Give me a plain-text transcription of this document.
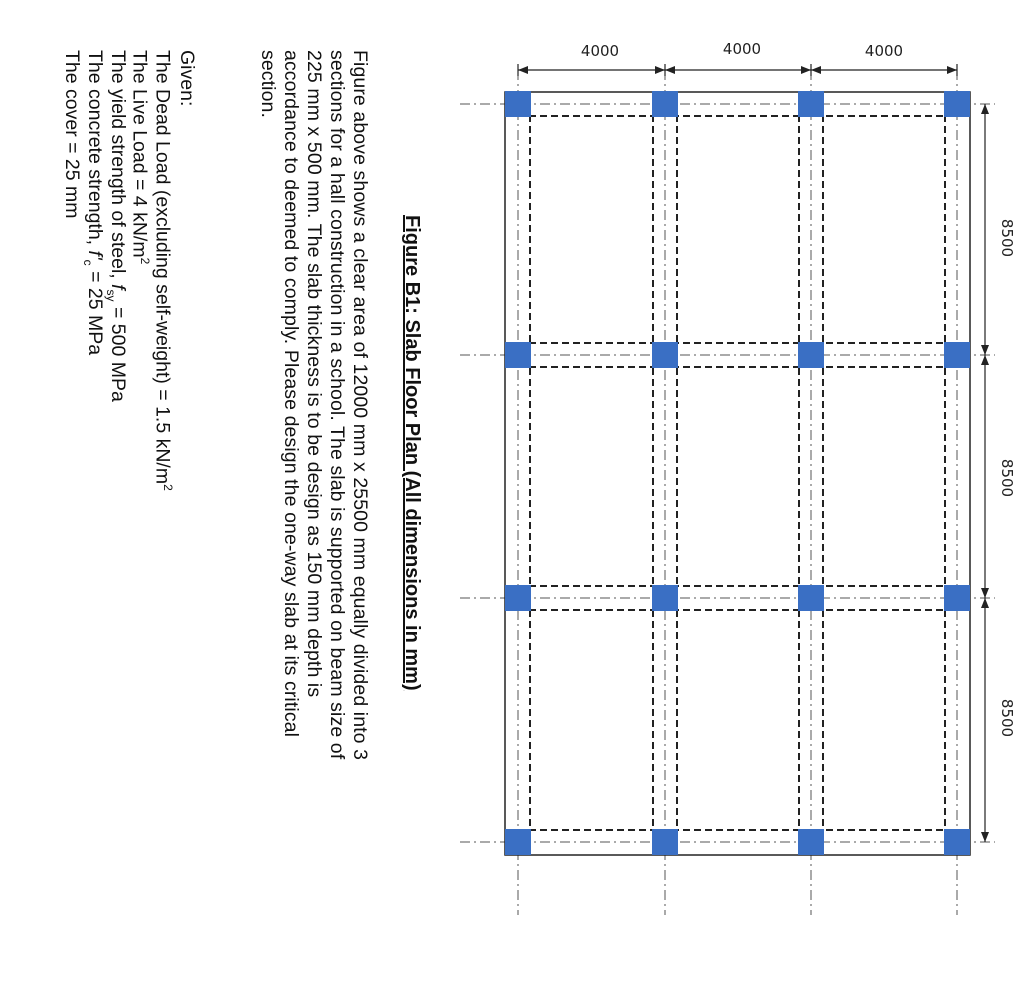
4000	4000	4000
8500
8500
8500
Figure B1: Slab Floor Plan (All dimensions in mm)
Figure above shows a clear area of 12000 mm x 25500 mm equally divided into 3
sections for a hall construction in a school. The slab is supported on beam size of
225 mm x 500 mm. The slab thickness is to be design as 150 mm depth is
accordance to deemed to comply. Please design the one-way slab at its critical
section.
Given:
The Dead Load (excluding self-weight) = 1.5 $kN/m^2$
The Live Load = 4 $kN/m^2$
The yield strength of steel, $f_{sy} = 500$ MPa
The concrete strength, $f'_c = 25$ MPa
The cover = 25 mm
